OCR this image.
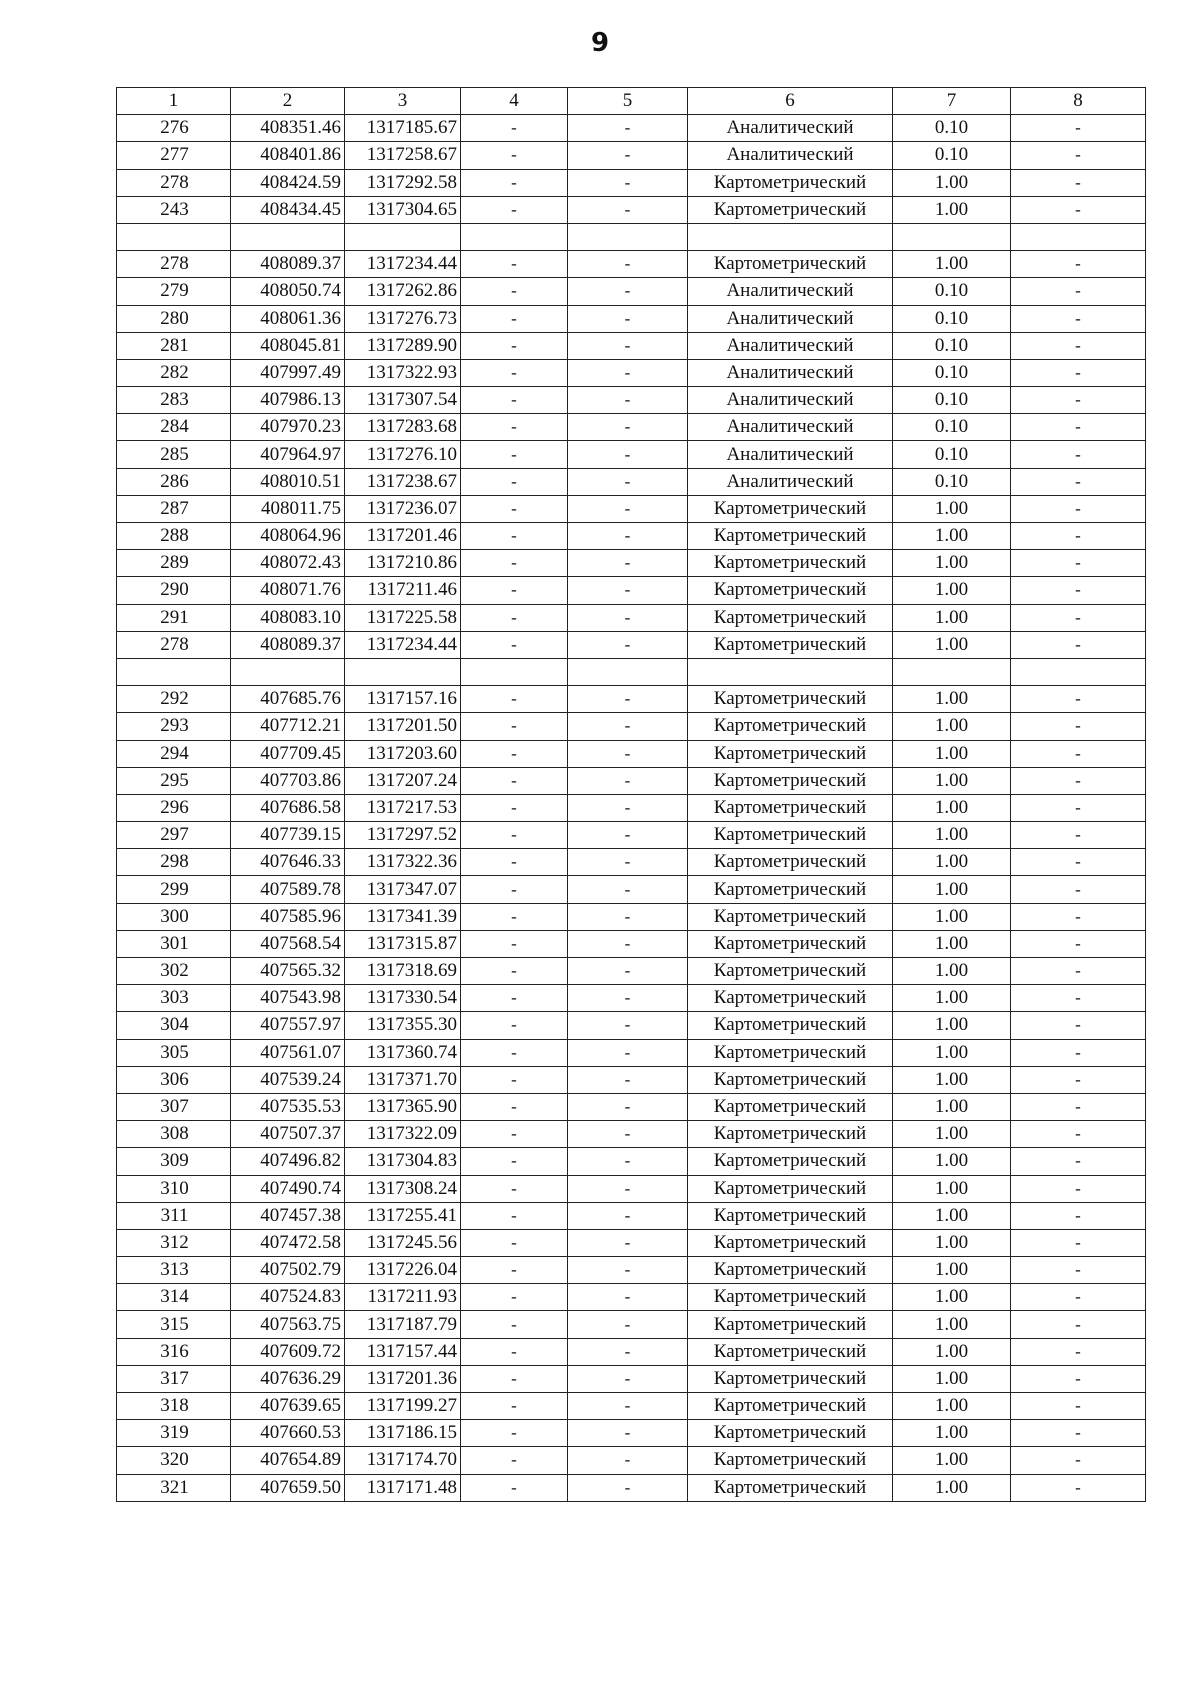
9
1	2	3	4	5	6	7	8
276	408351.46	1317185.67	-	-	Аналитический	0.10	-
277	408401.86	1317258.67	-	-	Аналитический	0.10	-
278	408424.59	1317292.58	-	-	Картометрический	1.00	-
243	408434.45	1317304.65	-	-	Картометрический	1.00	-

278	408089.37	1317234.44	-	-	Картометрический	1.00	-
279	408050.74	1317262.86	-	-	Аналитический	0.10	-
280	408061.36	1317276.73	-	-	Аналитический	0.10	-
281	408045.81	1317289.90	-	-	Аналитический	0.10	-
282	407997.49	1317322.93	-	-	Аналитический	0.10	-
283	407986.13	1317307.54	-	-	Аналитический	0.10	-
284	407970.23	1317283.68	-	-	Аналитический	0.10	-
285	407964.97	1317276.10	-	-	Аналитический	0.10	-
286	408010.51	1317238.67	-	-	Аналитический	0.10	-
287	408011.75	1317236.07	-	-	Картометрический	1.00	-
288	408064.96	1317201.46	-	-	Картометрический	1.00	-
289	408072.43	1317210.86	-	-	Картометрический	1.00	-
290	408071.76	1317211.46	-	-	Картометрический	1.00	-
291	408083.10	1317225.58	-	-	Картометрический	1.00	-
278	408089.37	1317234.44	-	-	Картометрический	1.00	-

292	407685.76	1317157.16	-	-	Картометрический	1.00	-
293	407712.21	1317201.50	-	-	Картометрический	1.00	-
294	407709.45	1317203.60	-	-	Картометрический	1.00	-
295	407703.86	1317207.24	-	-	Картометрический	1.00	-
296	407686.58	1317217.53	-	-	Картометрический	1.00	-
297	407739.15	1317297.52	-	-	Картометрический	1.00	-
298	407646.33	1317322.36	-	-	Картометрический	1.00	-
299	407589.78	1317347.07	-	-	Картометрический	1.00	-
300	407585.96	1317341.39	-	-	Картометрический	1.00	-
301	407568.54	1317315.87	-	-	Картометрический	1.00	-
302	407565.32	1317318.69	-	-	Картометрический	1.00	-
303	407543.98	1317330.54	-	-	Картометрический	1.00	-
304	407557.97	1317355.30	-	-	Картометрический	1.00	-
305	407561.07	1317360.74	-	-	Картометрический	1.00	-
306	407539.24	1317371.70	-	-	Картометрический	1.00	-
307	407535.53	1317365.90	-	-	Картометрический	1.00	-
308	407507.37	1317322.09	-	-	Картометрический	1.00	-
309	407496.82	1317304.83	-	-	Картометрический	1.00	-
310	407490.74	1317308.24	-	-	Картометрический	1.00	-
311	407457.38	1317255.41	-	-	Картометрический	1.00	-
312	407472.58	1317245.56	-	-	Картометрический	1.00	-
313	407502.79	1317226.04	-	-	Картометрический	1.00	-
314	407524.83	1317211.93	-	-	Картометрический	1.00	-
315	407563.75	1317187.79	-	-	Картометрический	1.00	-
316	407609.72	1317157.44	-	-	Картометрический	1.00	-
317	407636.29	1317201.36	-	-	Картометрический	1.00	-
318	407639.65	1317199.27	-	-	Картометрический	1.00	-
319	407660.53	1317186.15	-	-	Картометрический	1.00	-
320	407654.89	1317174.70	-	-	Картометрический	1.00	-
321	407659.50	1317171.48	-	-	Картометрический	1.00	-
